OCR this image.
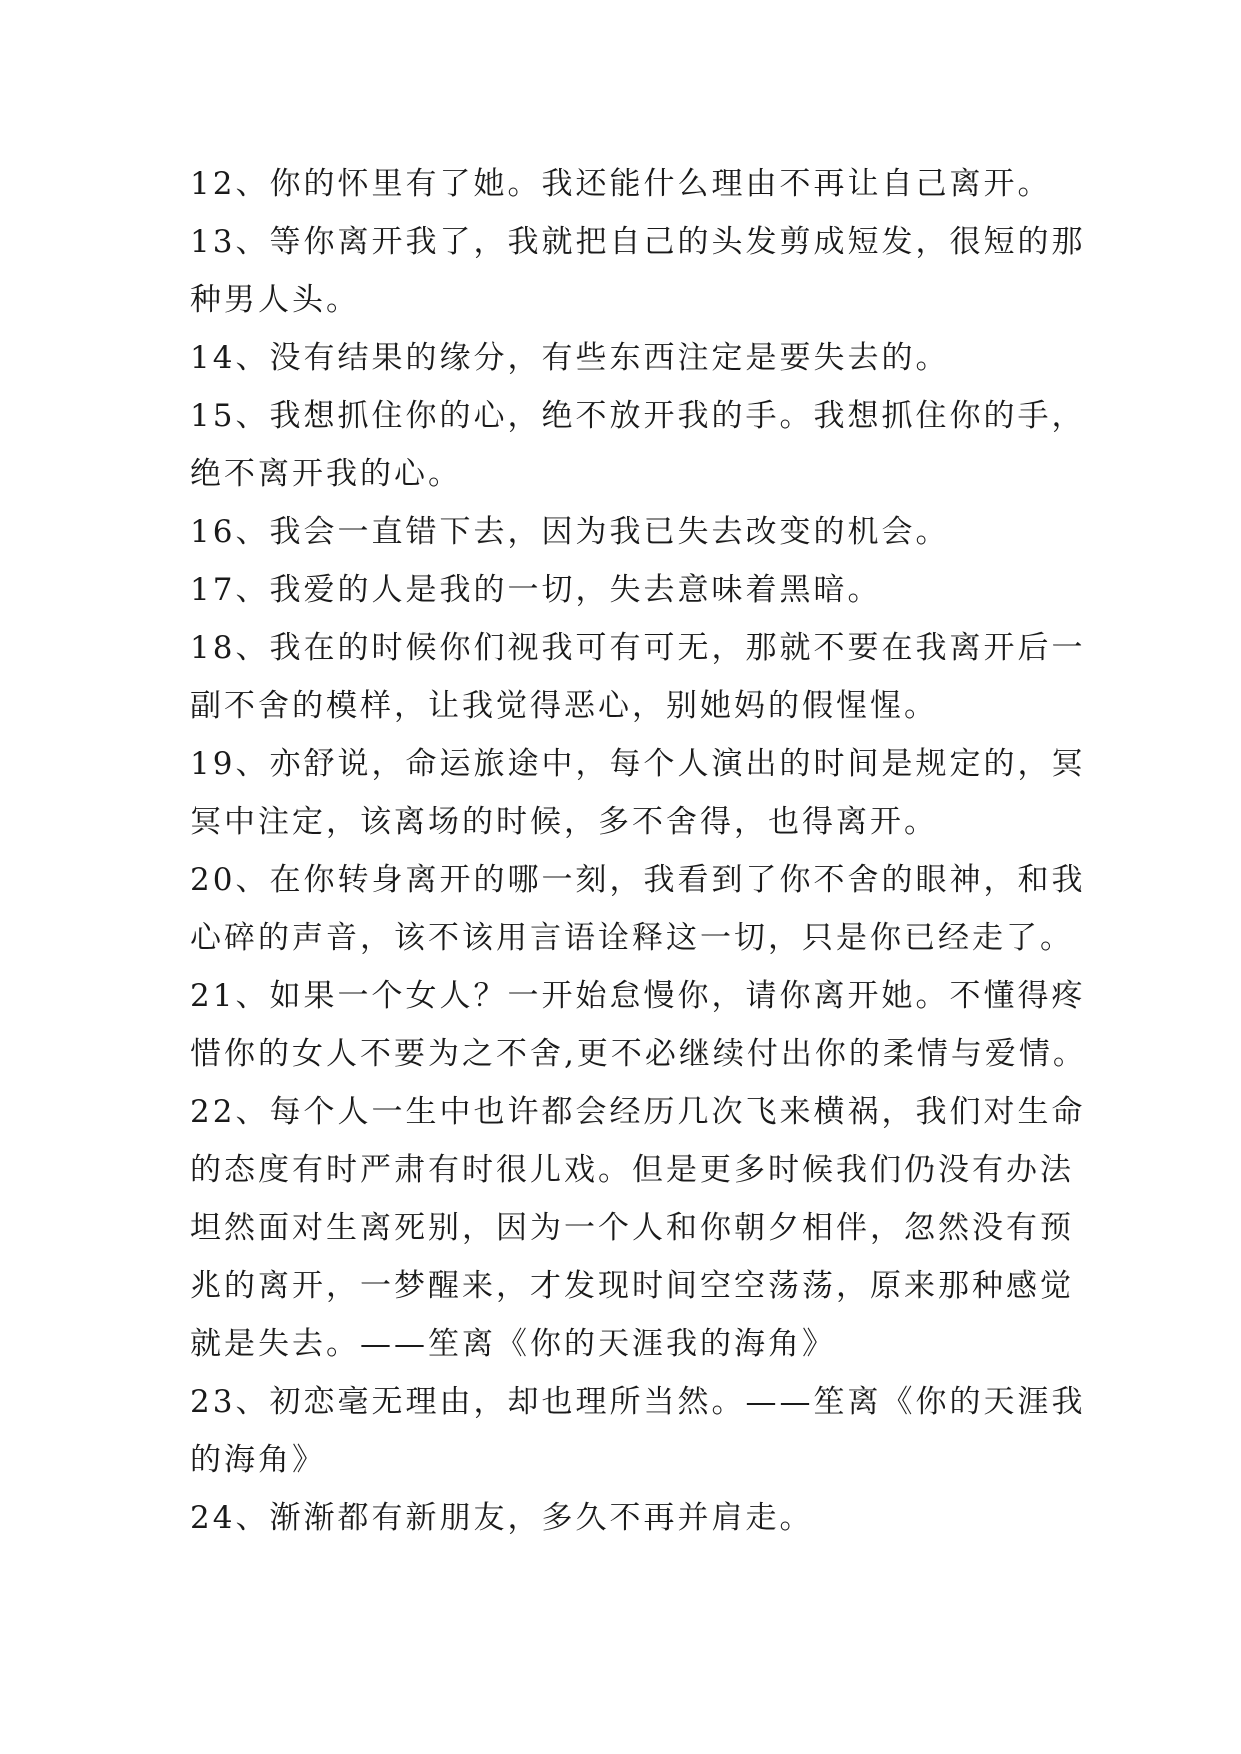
12、你的怀里有了她。我还能什么理由不再让自己离开。
13、等你离开我了，我就把自己的头发剪成短发，很短的那
种男人头。
14、没有结果的缘分，有些东西注定是要失去的。
15、我想抓住你的心，绝不放开我的手。我想抓住你的手，
绝不离开我的心。
16、我会一直错下去，因为我已失去改变的机会。
17、我爱的人是我的一切，失去意味着黑暗。
18、我在的时候你们视我可有可无，那就不要在我离开后一
副不舍的模样，让我觉得恶心，别她妈的假惺惺。
19、亦舒说，命运旅途中，每个人演出的时间是规定的，冥
冥中注定，该离场的时候，多不舍得，也得离开。
20、在你转身离开的哪一刻，我看到了你不舍的眼神，和我
心碎的声音，该不该用言语诠释这一切，只是你已经走了。
21、如果一个女人？一开始怠慢你，请你离开她。不懂得疼
惜你的女人不要为之不舍,更不必继续付出你的柔情与爱情。
22、每个人一生中也许都会经历几次飞来横祸，我们对生命
的态度有时严肃有时很儿戏。但是更多时候我们仍没有办法
坦然面对生离死别，因为一个人和你朝夕相伴，忽然没有预
兆的离开，一梦醒来，才发现时间空空荡荡，原来那种感觉
就是失去。——笙离《你的天涯我的海角》
23、初恋毫无理由，却也理所当然。——笙离《你的天涯我
的海角》
24、渐渐都有新朋友，多久不再并肩走。
